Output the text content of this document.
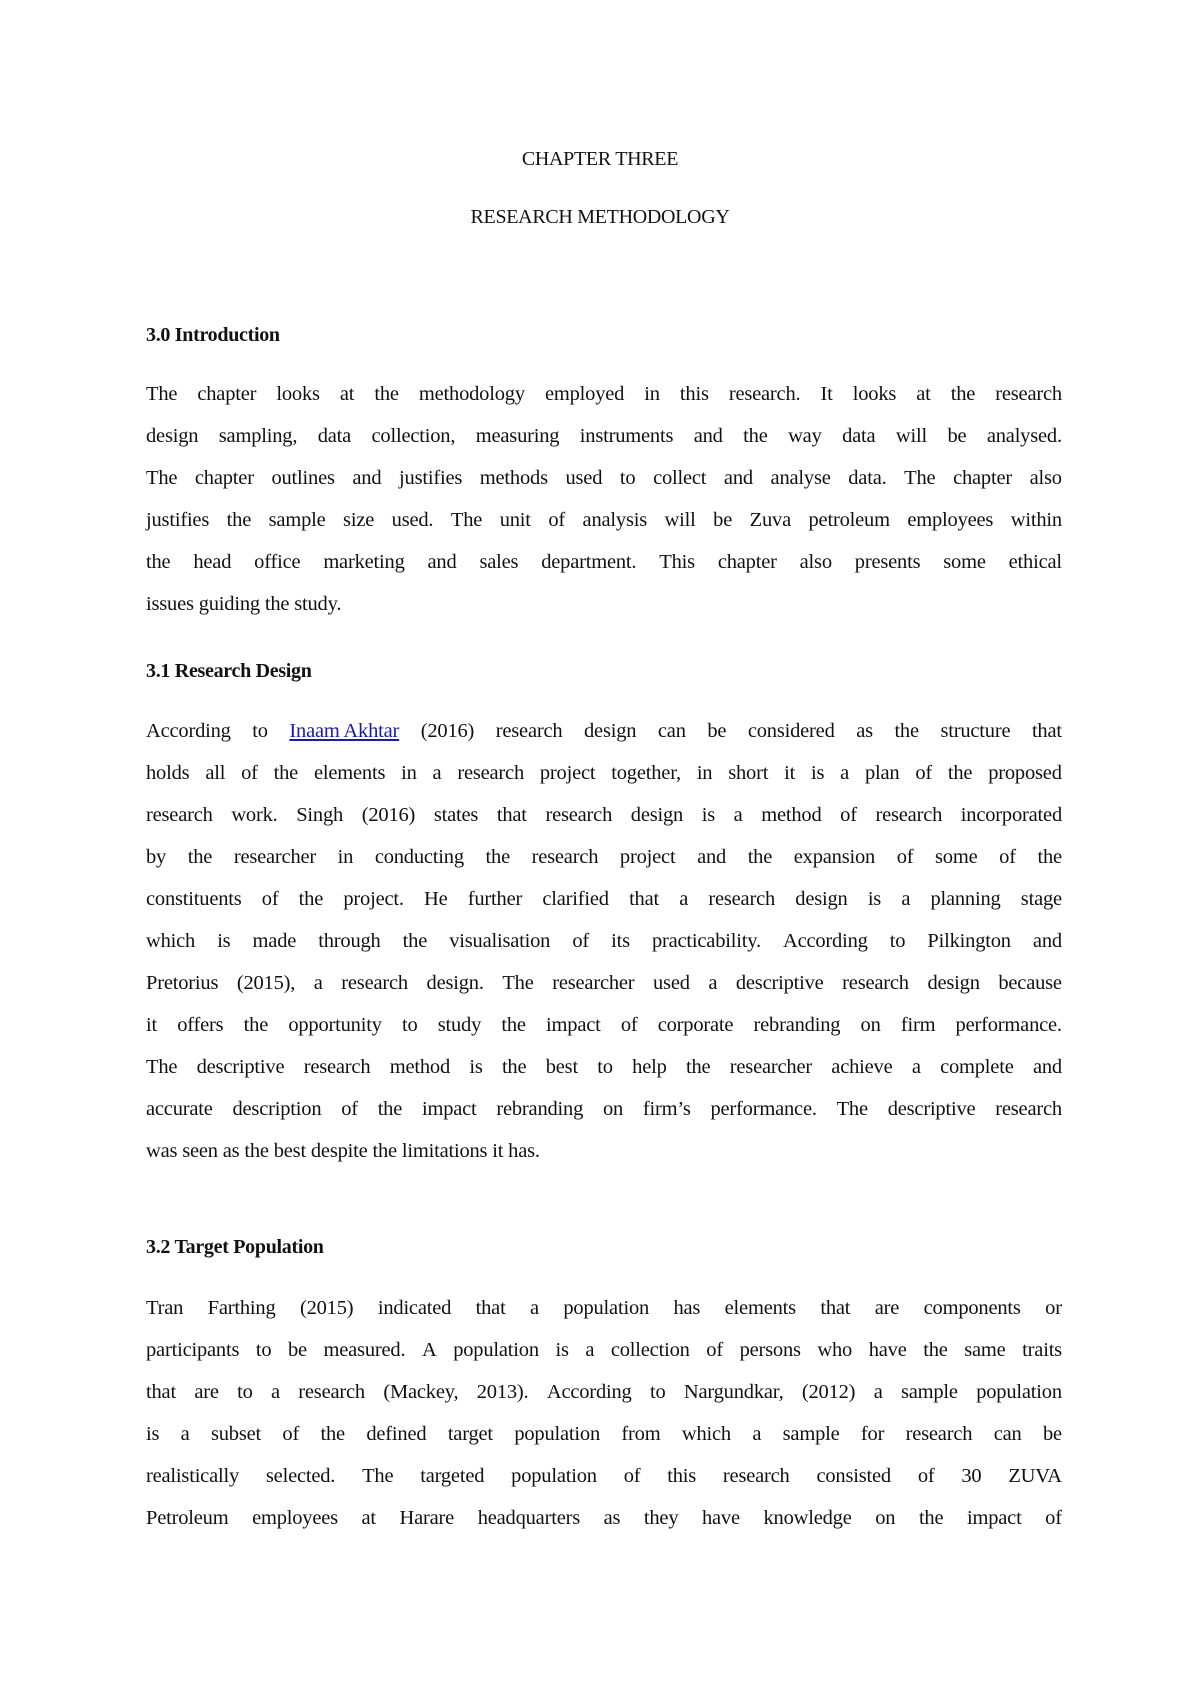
CHAPTER THREE
RESEARCH METHODOLOGY
3.0 Introduction
The chapter looks at the methodology employed in this research. It looks at the research
design sampling, data collection, measuring instruments and the way data will be analysed.
The chapter outlines and justifies methods used to collect and analyse data. The chapter also
justifies the sample size used. The unit of analysis will be Zuva petroleum employees within
the head office marketing and sales department. This chapter also presents some ethical
issues guiding the study.
3.1 Research Design
According to Inaam Akhtar (2016) research design can be considered as the structure that
holds all of the elements in a research project together, in short it is a plan of the proposed
research work. Singh (2016) states that research design is a method of research incorporated
by the researcher in conducting the research project and the expansion of some of the
constituents of the project. He further clarified that a research design is a planning stage
which is made through the visualisation of its practicability. According to Pilkington and
Pretorius (2015), a research design. The researcher used a descriptive research design because
it offers the opportunity to study the impact of corporate rebranding on firm performance.
The descriptive research method is the best to help the researcher achieve a complete and
accurate description of the impact rebranding on firm’s performance. The descriptive research
was seen as the best despite the limitations it has.
3.2 Target Population
Tran Farthing (2015) indicated that a population has elements that are components or
participants to be measured. A population is a collection of persons who have the same traits
that are to a research (Mackey, 2013). According to Nargundkar, (2012) a sample population
is a subset of the defined target population from which a sample for research can be
realistically selected. The targeted population of this research consisted of 30 ZUVA
Petroleum employees at Harare headquarters as they have knowledge on the impact of
